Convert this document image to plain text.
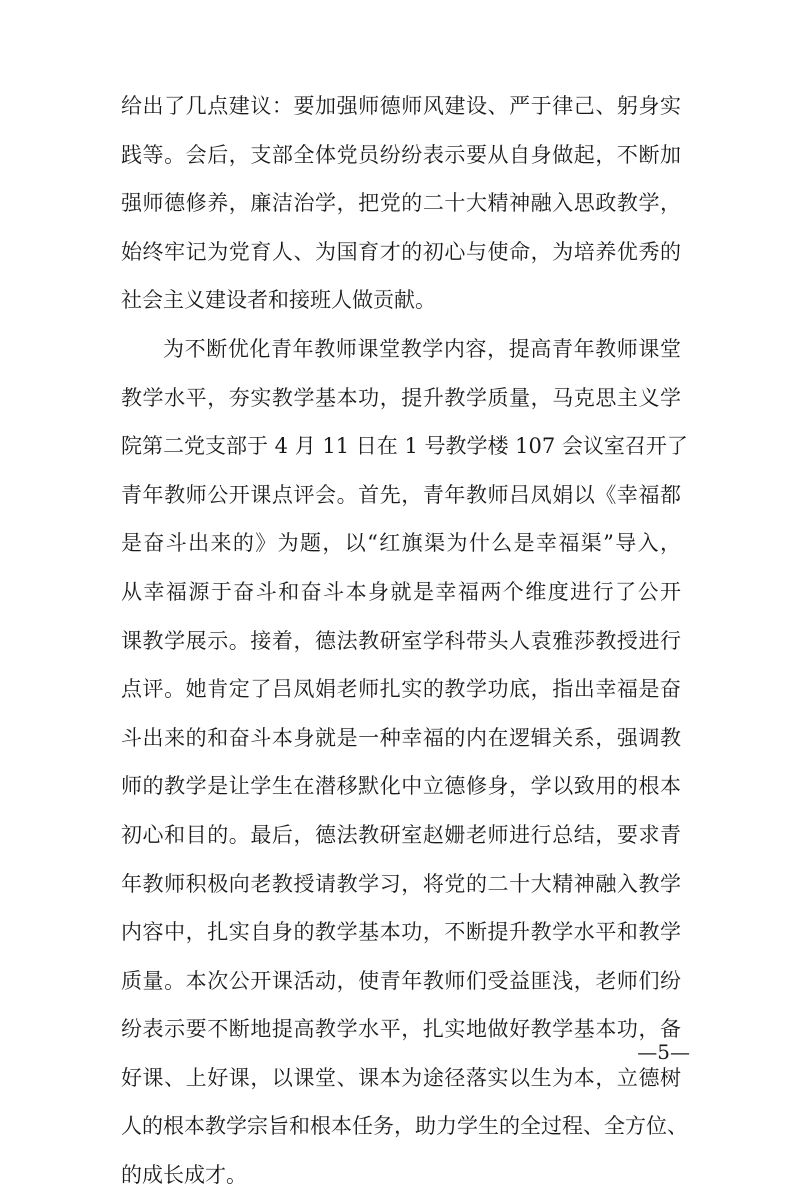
给出了几点建议：要加强师德师风建设、严于律己、躬身实
践等。会后，支部全体党员纷纷表示要从自身做起，不断加
强师德修养，廉洁治学，把党的二十大精神融入思政教学，
始终牢记为党育人、为国育才的初心与使命，为培养优秀的
社会主义建设者和接班人做贡献。
为不断优化青年教师课堂教学内容，提高青年教师课堂
教学水平，夯实教学基本功，提升教学质量，马克思主义学
院第二党支部于 4 月 11 日在 1 号教学楼 107 会议室召开了
青年教师公开课点评会。首先，青年教师吕凤娟以《幸福都
是奋斗出来的》为题，以“红旗渠为什么是幸福渠”导入，
从幸福源于奋斗和奋斗本身就是幸福两个维度进行了公开
课教学展示。接着，德法教研室学科带头人袁雅莎教授进行
点评。她肯定了吕凤娟老师扎实的教学功底，指出幸福是奋
斗出来的和奋斗本身就是一种幸福的内在逻辑关系，强调教
师的教学是让学生在潜移默化中立德修身，学以致用的根本
初心和目的。最后，德法教研室赵姗老师进行总结，要求青
年教师积极向老教授请教学习，将党的二十大精神融入教学
内容中，扎实自身的教学基本功，不断提升教学水平和教学
质量。本次公开课活动，使青年教师们受益匪浅，老师们纷
纷表示要不断地提高教学水平，扎实地做好教学基本功，备
好课、上好课，以课堂、课本为途径落实以生为本，立德树
人的根本教学宗旨和根本任务，助力学生的全过程、全方位、
的成长成才。
—5—
